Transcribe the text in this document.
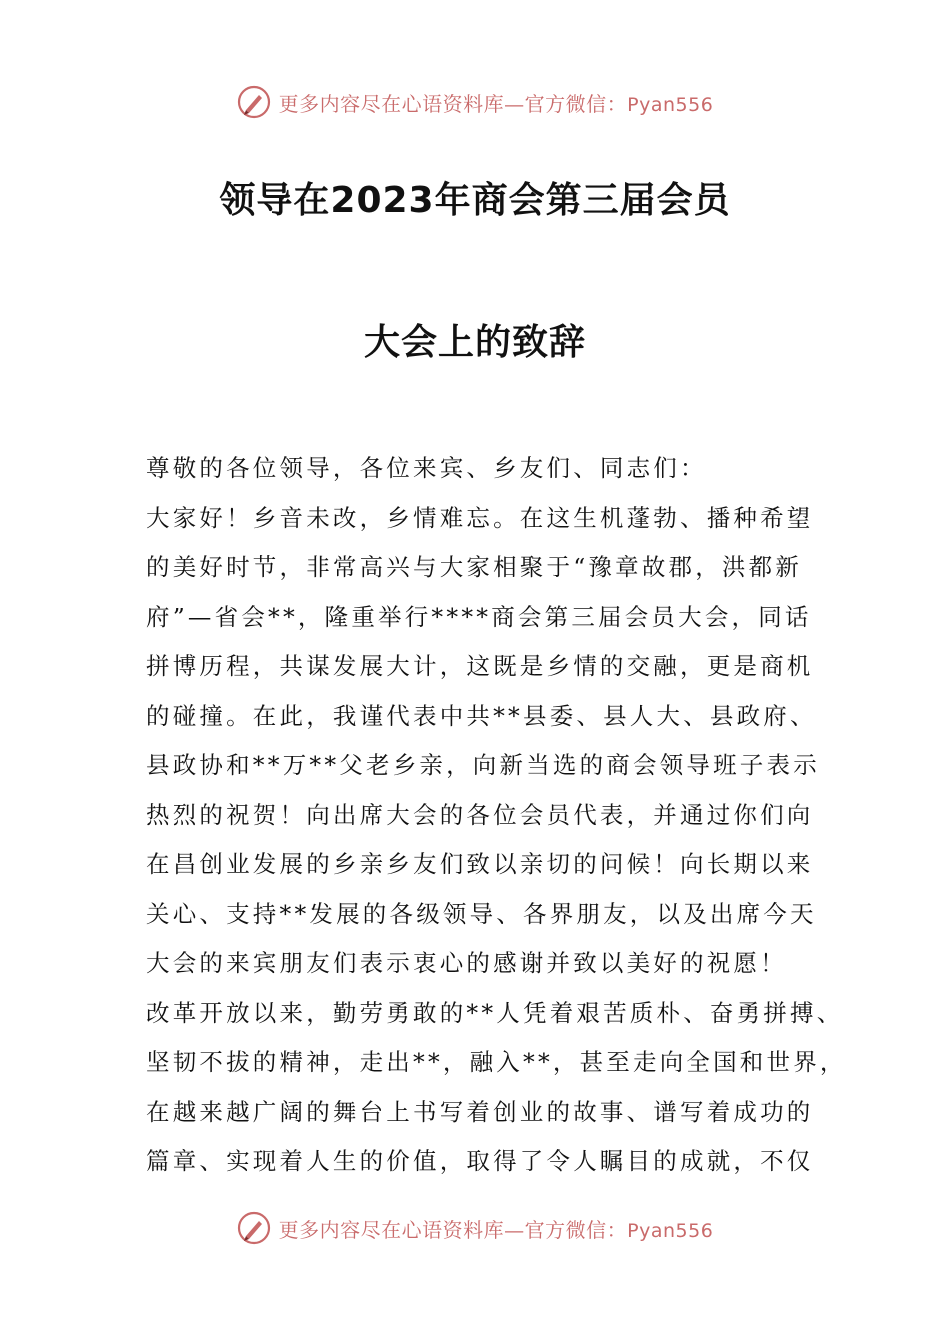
更多内容尽在心语资料库—官方微信：Pyan556
领导在2023年商会第三届会员
大会上的致辞
尊敬的各位领导，各位来宾、乡友们、同志们：
大家好！乡音未改，乡情难忘。在这生机蓬勃、播种希望
的美好时节，非常高兴与大家相聚于“豫章故郡，洪都新
府”—省会**，隆重举行****商会第三届会员大会，同话
拼博历程，共谋发展大计，这既是乡情的交融，更是商机
的碰撞。在此，我谨代表中共**县委、县人大、县政府、
县政协和**万**父老乡亲，向新当选的商会领导班子表示
热烈的祝贺！向出席大会的各位会员代表，并通过你们向
在昌创业发展的乡亲乡友们致以亲切的问候！向长期以来
关心、支持**发展的各级领导、各界朋友，以及出席今天
大会的来宾朋友们表示衷心的感谢并致以美好的祝愿！
改革开放以来，勤劳勇敢的**人凭着艰苦质朴、奋勇拼搏、
坚韧不拔的精神，走出**，融入**，甚至走向全国和世界，
在越来越广阔的舞台上书写着创业的故事、谱写着成功的
篇章、实现着人生的价值，取得了令人瞩目的成就，不仅
更多内容尽在心语资料库—官方微信：Pyan556
